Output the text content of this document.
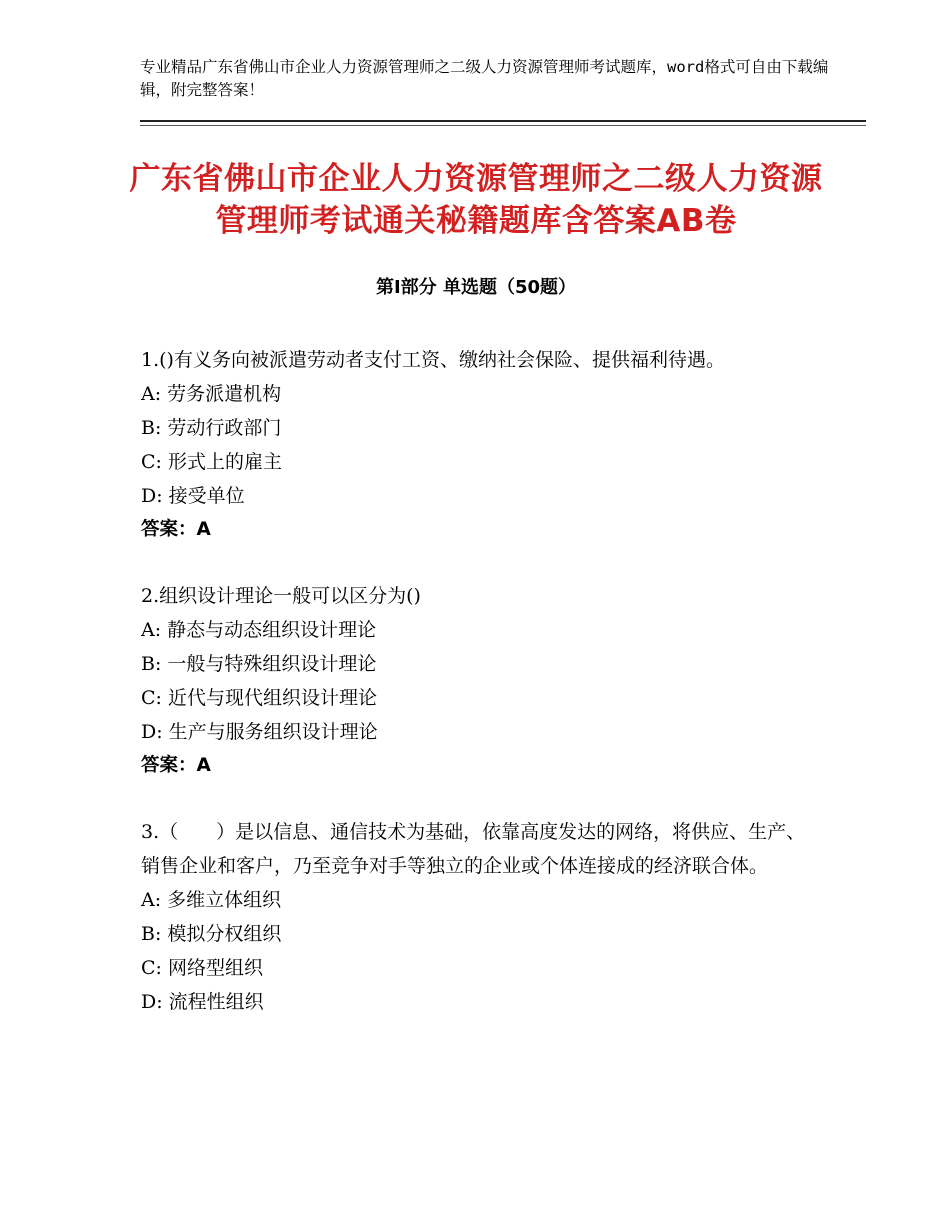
专业精品广东省佛山市企业人力资源管理师之二级人力资源管理师考试题库，word格式可自由下载编辑，附完整答案！
广东省佛山市企业人力资源管理师之二级人力资源管理师考试通关秘籍题库含答案AB卷
第Ⅰ部分 单选题（50题）
1.()有义务向被派遣劳动者支付工资、缴纳社会保险、提供福利待遇。
A: 劳务派遣机构
B: 劳动行政部门
C: 形式上的雇主
D: 接受单位
答案：A
2.组织设计理论一般可以区分为()
A: 静态与动态组织设计理论
B: 一般与特殊组织设计理论
C: 近代与现代组织设计理论
D: 生产与服务组织设计理论
答案：A
3.（　　）是以信息、通信技术为基础，依靠高度发达的网络，将供应、生产、销售企业和客户，乃至竞争对手等独立的企业或个体连接成的经济联合体。
A: 多维立体组织
B: 模拟分权组织
C: 网络型组织
D: 流程性组织
